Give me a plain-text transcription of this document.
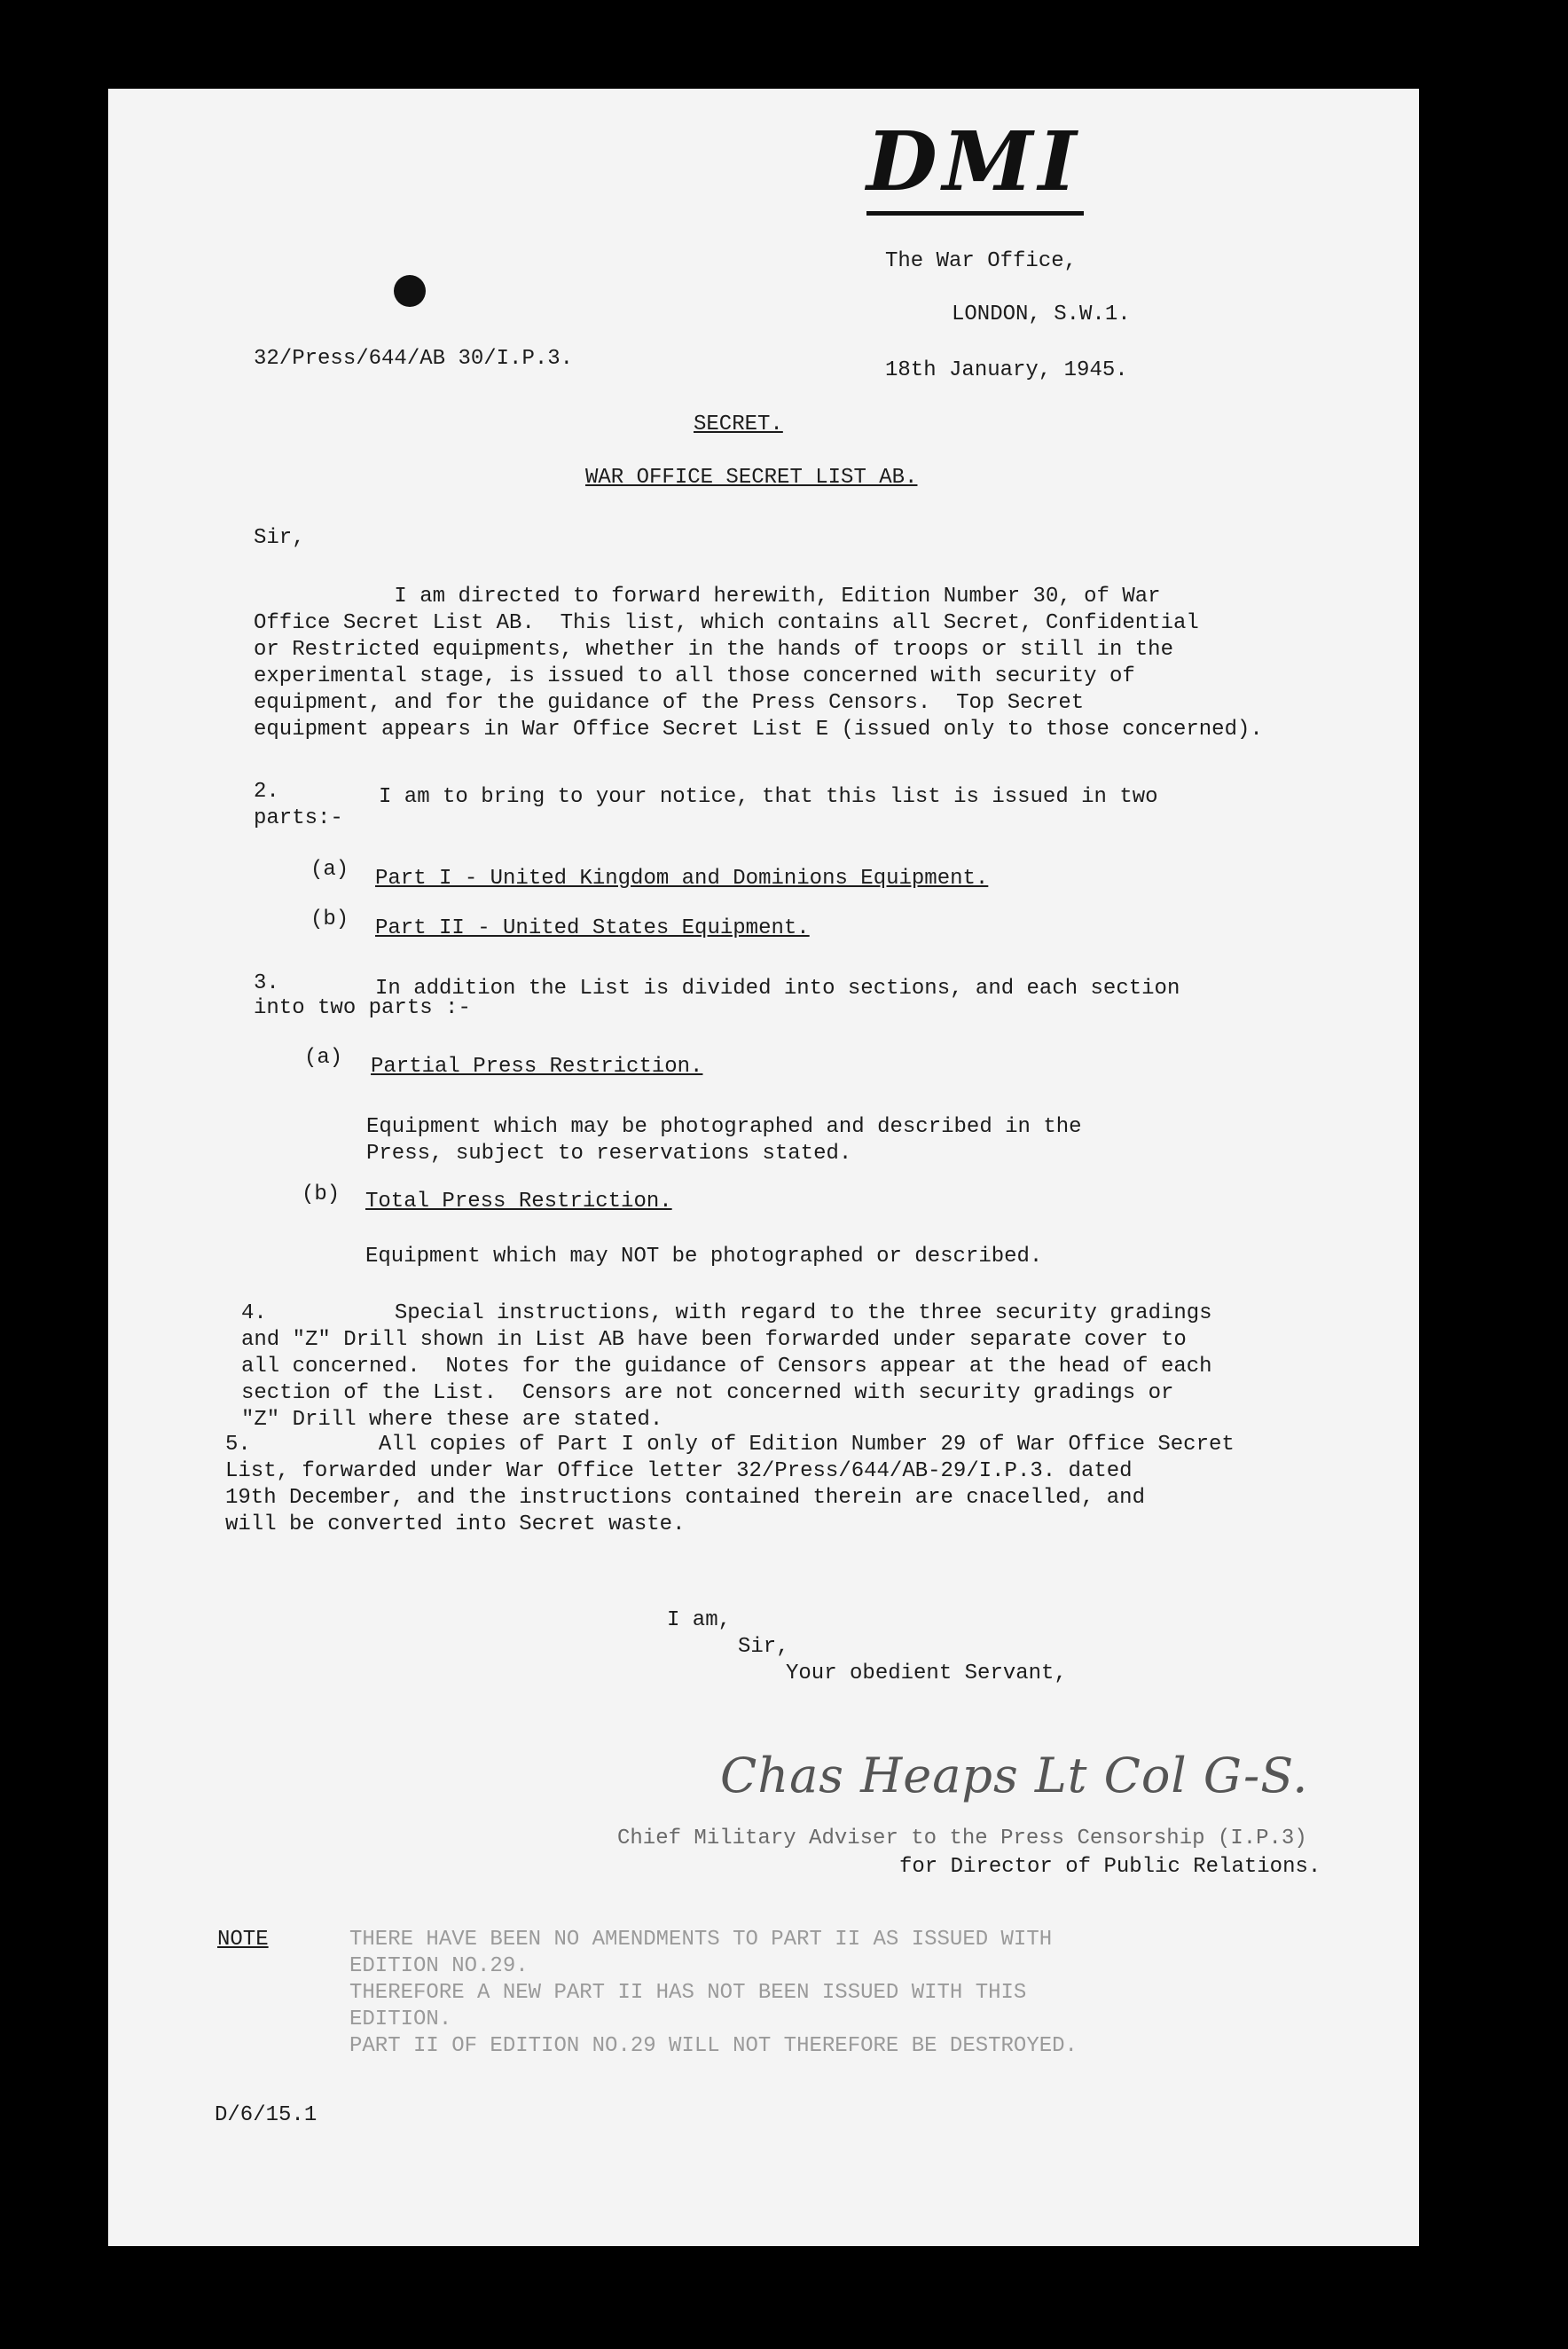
DMI
The War Office,
LONDON, S.W.1.
32/Press/644/AB 30/I.P.3.	18th January, 1945.
SECRET.
WAR OFFICE SECRET LIST AB.
Sir,
I am directed to forward herewith, Edition Number 30, of War
Office Secret List AB.  This list, which contains all Secret, Confidential
or Restricted equipments, whether in the hands of troops or still in the
experimental stage, is issued to all those concerned with security of
equipment, and for the guidance of the Press Censors.  Top Secret
equipment appears in War Office Secret List E (issued only to those concerned).
2.	I am to bring to your notice, that this list is issued in two
parts:-
(a) Part I - United Kingdom and Dominions Equipment.
(b) Part II - United States Equipment.
3.	In addition the List is divided into sections, and each section
into two parts :-
(a) Partial Press Restriction.
Equipment which may be photographed and described in the
Press, subject to reservations stated.
(b) Total Press Restriction.
Equipment which may NOT be photographed or described.
4.          Special instructions, with regard to the three security gradings
and "Z" Drill shown in List AB have been forwarded under separate cover to
all concerned.  Notes for the guidance of Censors appear at the head of each
section of the List.  Censors are not concerned with security gradings or
"Z" Drill where these are stated.
5.          All copies of Part I only of Edition Number 29 of War Office Secret
List, forwarded under War Office letter 32/Press/644/AB-29/I.P.3. dated
19th December, and the instructions contained therein are cnacelled, and
will be converted into Secret waste.
I am,
Sir,
Your obedient Servant,
Chas Heaps Lt Col G-S.
Chief Military Adviser to the Press Censorship (I.P.3)
for Director of Public Relations.
NOTE	THERE HAVE BEEN NO AMENDMENTS TO PART II AS ISSUED WITH
EDITION NO.29.
THEREFORE A NEW PART II HAS NOT BEEN ISSUED WITH THIS
EDITION.
PART II OF EDITION NO.29 WILL NOT THEREFORE BE DESTROYED.
D/6/15.1
